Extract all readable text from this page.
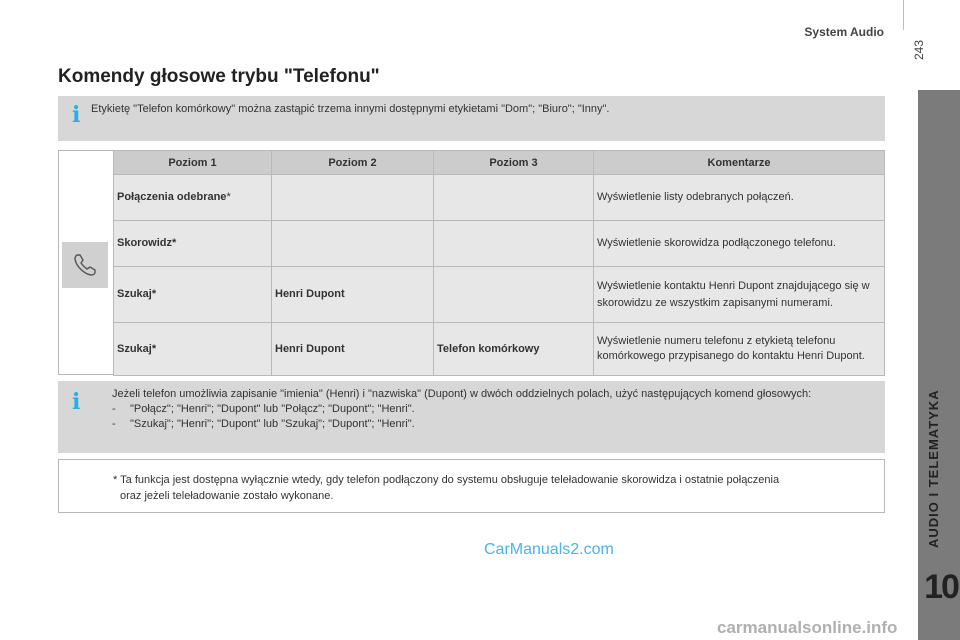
System Audio
243
AUDIO I TELEMATYKA
10
Komendy głosowe trybu "Telefonu"
i Etykietę "Telefon komórkowy" można zastąpić trzema innymi dostępnymi etykietami "Dom"; "Biuro"; "Inny".
Poziom 1	Poziom 2	Poziom 3	Komentarze
Połączenia odebrane*			Wyświetlenie listy odebranych połączeń.
Skorowidz*			Wyświetlenie skorowidza podłączonego telefonu.
Szukaj*	Henri Dupont		Wyświetlenie kontaktu Henri Dupont znajdującego się w skorowidzu ze wszystkim zapisanymi numerami.
Szukaj*	Henri Dupont	Telefon komórkowy	Wyświetlenie numeru telefonu z etykietą telefonu komórkowego przypisanego do kontaktu Henri Dupont.
i	Jeżeli telefon umożliwia zapisanie "imienia" (Henri) i "nazwiska" (Dupont) w dwóch oddzielnych polach, użyć następujących komend głosowych:
-	"Połącz"; "Henri"; "Dupont" lub "Połącz"; "Dupont"; "Henri".
-	"Szukaj"; "Henri"; "Dupont" lub "Szukaj"; "Dupont"; "Henri".
* Ta funkcja jest dostępna wyłącznie wtedy, gdy telefon podłączony do systemu obsługuje teleładowanie skorowidza i ostatnie połączenia
oraz jeżeli teleładowanie zostało wykonane.
CarManuals2.com
carmanualsonline.info
